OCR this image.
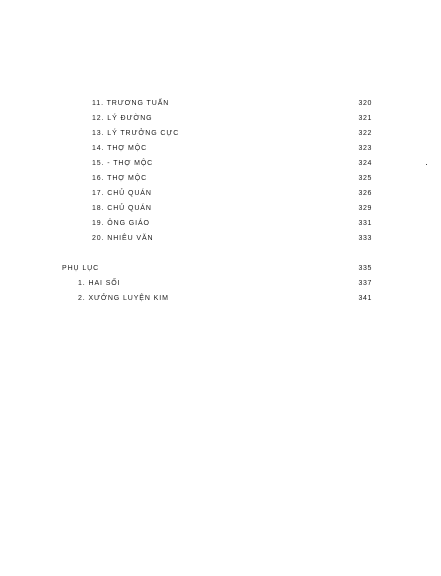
11. TRƯƠNG TUẤN	320
12. LÝ ĐƯỜNG	321
13. LÝ TRƯỞNG CỰC	322
14. THỢ MỘC	323
15. - THỢ MỘC	324
16. THỢ MỘC	325
17. CHỦ QUÁN	326
18. CHỦ QUÁN	329
19. ÔNG GIÁO	331
20. NHIÊU VĂN	333
PHỤ LỤC	335
1. HAI SỐI	337
2. XƯỞNG LUYỆN KIM	341
